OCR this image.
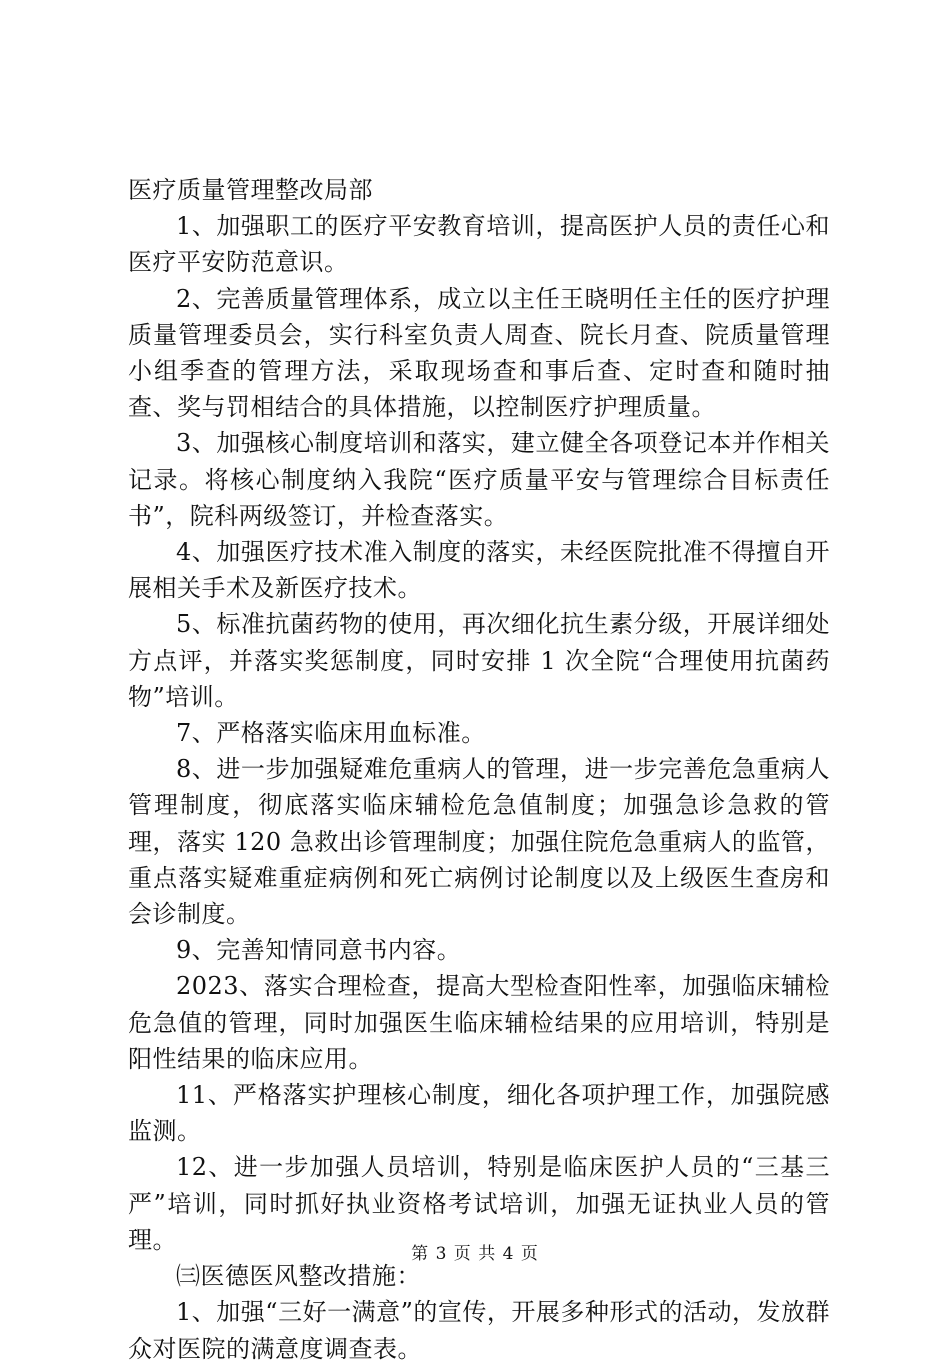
医疗质量管理整改局部

1、加强职工的医疗平安教育培训，提高医护人员的责任心和医疗平安防范意识。

2、完善质量管理体系，成立以主任王晓明任主任的医疗护理质量管理委员会，实行科室负责人周查、院长月查、院质量管理小组季查的管理方法，采取现场查和事后查、定时查和随时抽查、奖与罚相结合的具体措施，以控制医疗护理质量。

3、加强核心制度培训和落实，建立健全各项登记本并作相关记录。将核心制度纳入我院“医疗质量平安与管理综合目标责任书”，院科两级签订，并检查落实。

4、加强医疗技术准入制度的落实，未经医院批准不得擅自开展相关手术及新医疗技术。

5、标准抗菌药物的使用，再次细化抗生素分级，开展详细处方点评，并落实奖惩制度，同时安排 1 次全院“合理使用抗菌药物”培训。

7、严格落实临床用血标准。

8、进一步加强疑难危重病人的管理，进一步完善危急重病人管理制度，彻底落实临床辅检危急值制度；加强急诊急救的管理，落实 120 急救出诊管理制度；加强住院危急重病人的监管，重点落实疑难重症病例和死亡病例讨论制度以及上级医生查房和会诊制度。

9、完善知情同意书内容。

2023、落实合理检查，提高大型检查阳性率，加强临床辅检危急值的管理，同时加强医生临床辅检结果的应用培训，特别是阳性结果的临床应用。

11、严格落实护理核心制度，细化各项护理工作，加强院感监测。

12、进一步加强人员培训，特别是临床医护人员的“三基三严”培训，同时抓好执业资格考试培训，加强无证执业人员的管理。

㈢医德医风整改措施：

1、加强“三好一满意”的宣传，开展多种形式的活动，发放群众对医院的满意度调查表。

第 3 页 共 4 页
